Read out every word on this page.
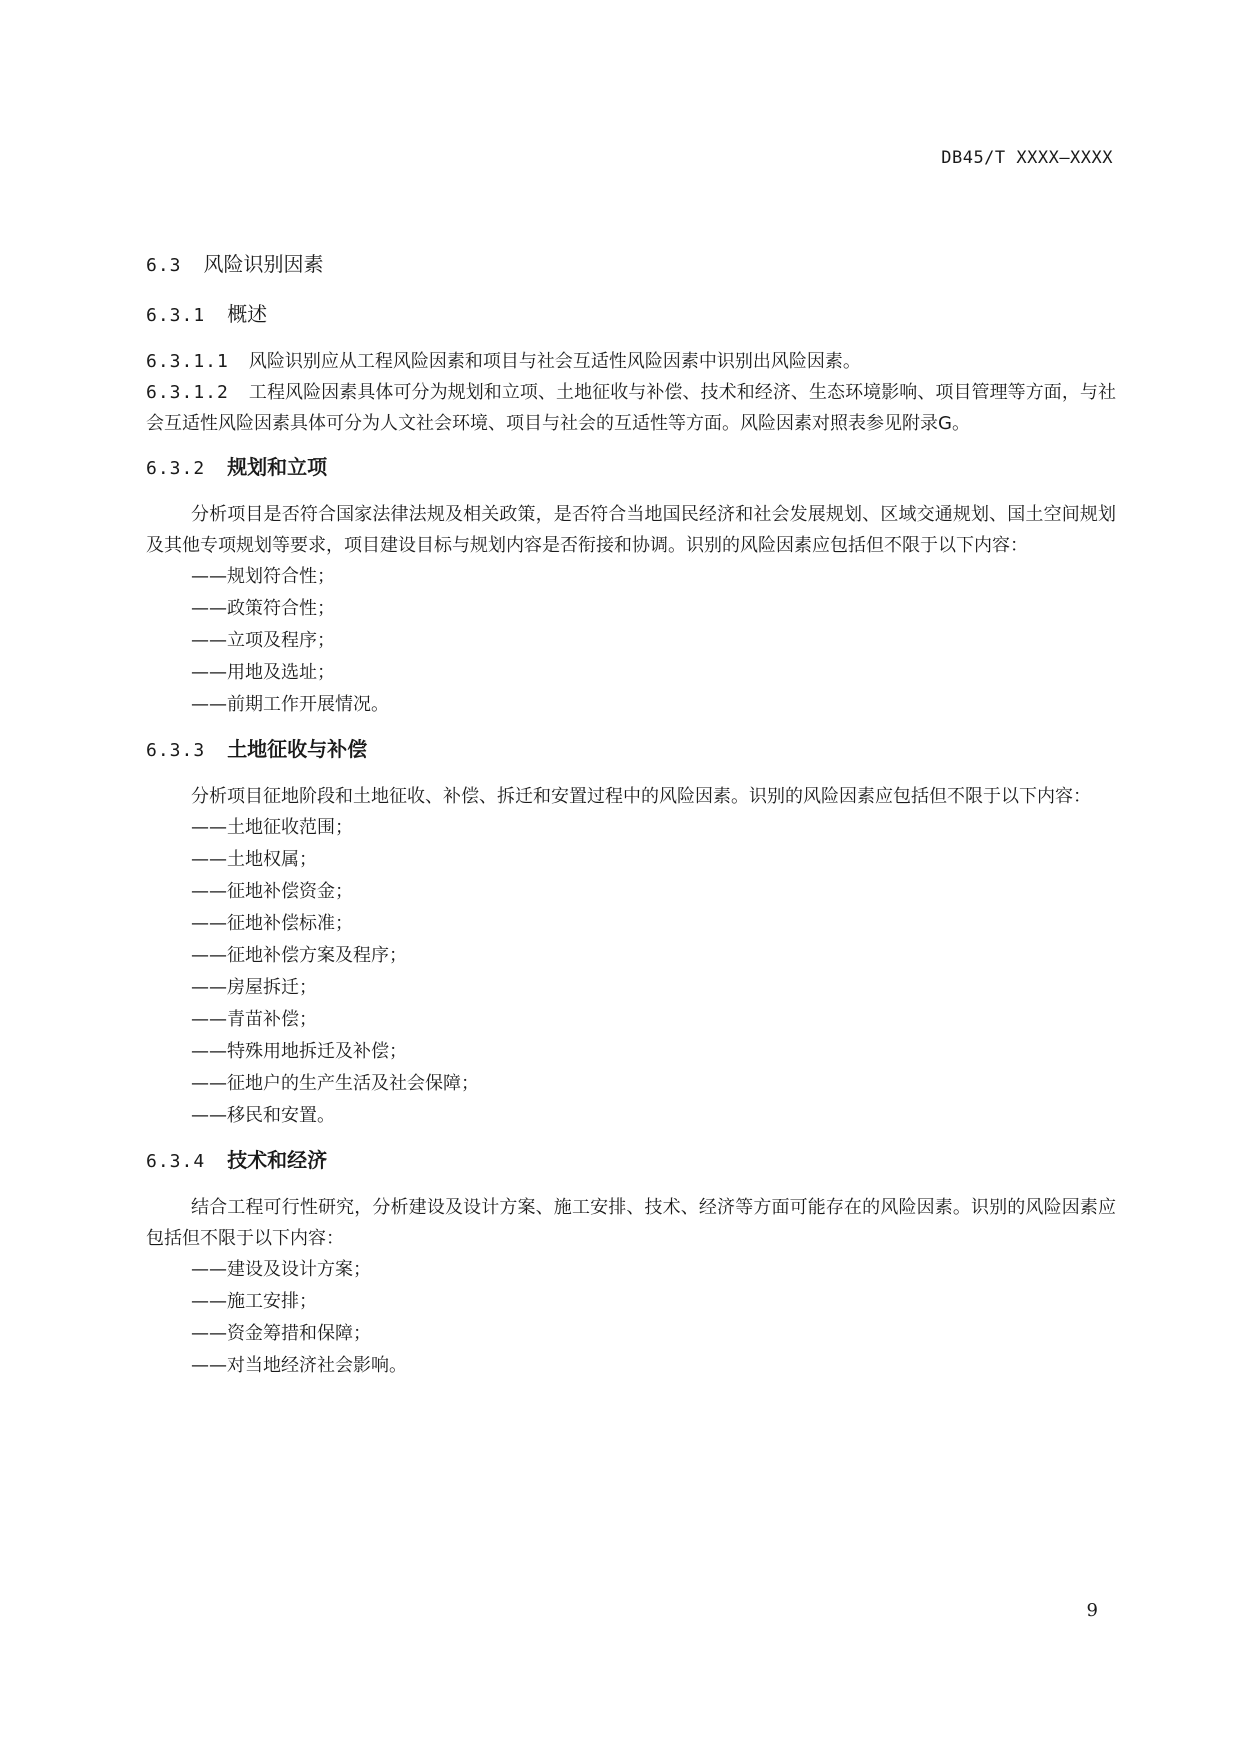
DB45/T XXXX—XXXX
6.3 风险识别因素
6.3.1 概述

6.3.1.1 风险识别应从工程风险因素和项目与社会互适性风险因素中识别出风险因素。

6.3.1.2 工程风险因素具体可分为规划和立项、土地征收与补偿、技术和经济、生态环境影响、项目管理等方面，与社会互适性风险因素具体可分为人文社会环境、项目与社会的互适性等方面。风险因素对照表参见附录G。

6.3.2 规划和立项

分析项目是否符合国家法律法规及相关政策，是否符合当地国民经济和社会发展规划、区域交通规划、国土空间规划及其他专项规划等要求，项目建设目标与规划内容是否衔接和协调。识别的风险因素应包括但不限于以下内容：

——规划符合性；
——政策符合性；
——立项及程序；
——用地及选址；
——前期工作开展情况。
6.3.3 土地征收与补偿

分析项目征地阶段和土地征收、补偿、拆迁和安置过程中的风险因素。识别的风险因素应包括但不限于以下内容：

——土地征收范围；
——土地权属；
——征地补偿资金；
——征地补偿标准；
——征地补偿方案及程序；
——房屋拆迁；
——青苗补偿；
——特殊用地拆迁及补偿；
——征地户的生产生活及社会保障；
——移民和安置。
6.3.4 技术和经济

结合工程可行性研究，分析建设及设计方案、施工安排、技术、经济等方面可能存在的风险因素。识别的风险因素应包括但不限于以下内容：

——建设及设计方案；
——施工安排；
——资金筹措和保障；
——对当地经济社会影响。
9
